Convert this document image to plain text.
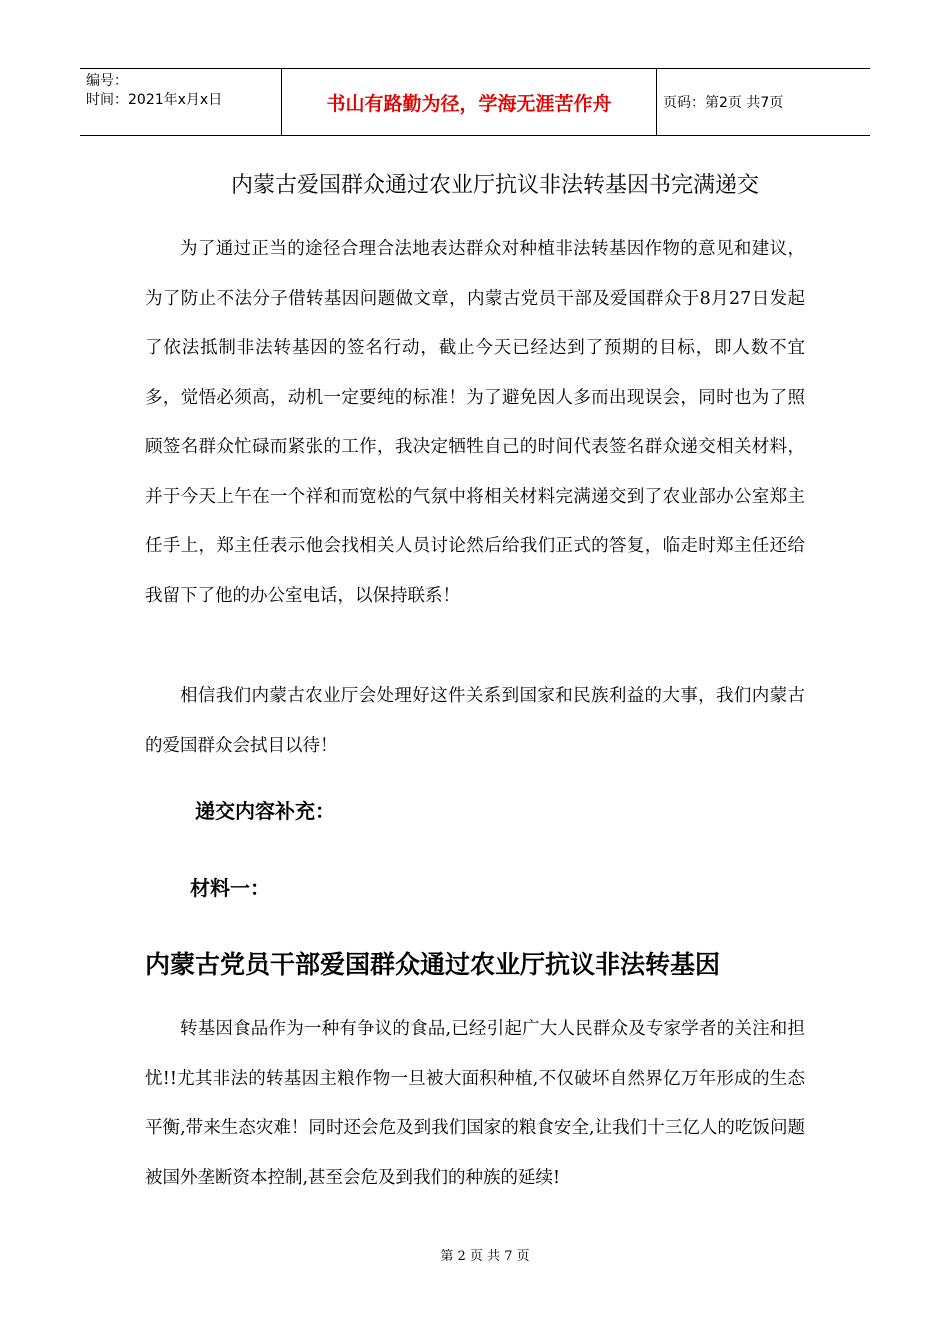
编号：
时间：2021年x月x日	书山有路勤为径，学海无涯苦作舟	页码：第2页 共7页
内蒙古爱国群众通过农业厅抗议非法转基因书完满递交

为了通过正当的途径合理合法地表达群众对种植非法转基因作物的意见和建议，为了防止不法分子借转基因问题做文章，内蒙古党员干部及爱国群众于8月27日发起了依法抵制非法转基因的签名行动，截止今天已经达到了预期的目标，即人数不宜多，觉悟必须高，动机一定要纯的标准！为了避免因人多而出现误会，同时也为了照顾签名群众忙碌而紧张的工作，我决定牺牲自己的时间代表签名群众递交相关材料，并于今天上午在一个祥和而宽松的气氛中将相关材料完满递交到了农业部办公室郑主任手上，郑主任表示他会找相关人员讨论然后给我们正式的答复，临走时郑主任还给我留下了他的办公室电话，以保持联系！

相信我们内蒙古农业厅会处理好这件关系到国家和民族利益的大事，我们内蒙古的爱国群众会拭目以待！

递交内容补充：
材料一：
内蒙古党员干部爱国群众通过农业厅抗议非法转基因

转基因食品作为一种有争议的食品,已经引起广大人民群众及专家学者的关注和担忧!!尤其非法的转基因主粮作物一旦被大面积种植,不仅破坏自然界亿万年形成的生态平衡,带来生态灾难！同时还会危及到我们国家的粮食安全,让我们十三亿人的吃饭问题被国外垄断资本控制,甚至会危及到我们的种族的延续!

第 2 页 共 7 页
